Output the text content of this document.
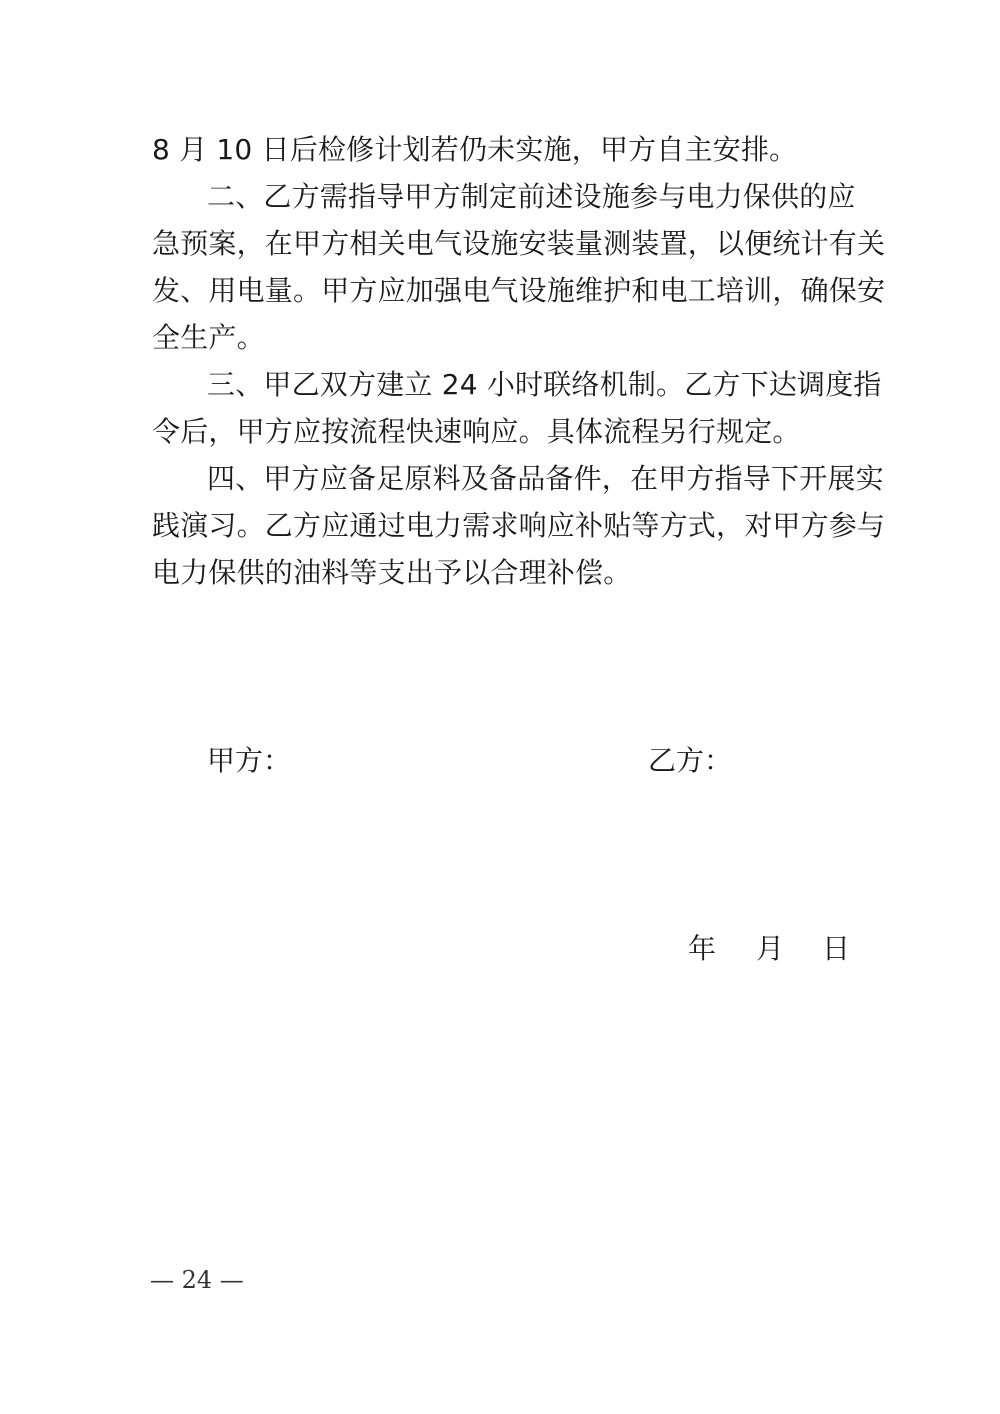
8 月 10 日后检修计划若仍未实施，甲方自主安排。
二、乙方需指导甲方制定前述设施参与电力保供的应
急预案，在甲方相关电气设施安装量测装置，以便统计有关
发、用电量。甲方应加强电气设施维护和电工培训，确保安
全生产。
三、甲乙双方建立 24 小时联络机制。乙方下达调度指
令后，甲方应按流程快速响应。具体流程另行规定。
四、甲方应备足原料及备品备件，在甲方指导下开展实
践演习。乙方应通过电力需求响应补贴等方式，对甲方参与
电力保供的油料等支出予以合理补偿。
甲方：	乙方：
年 月 日
— 24 —
